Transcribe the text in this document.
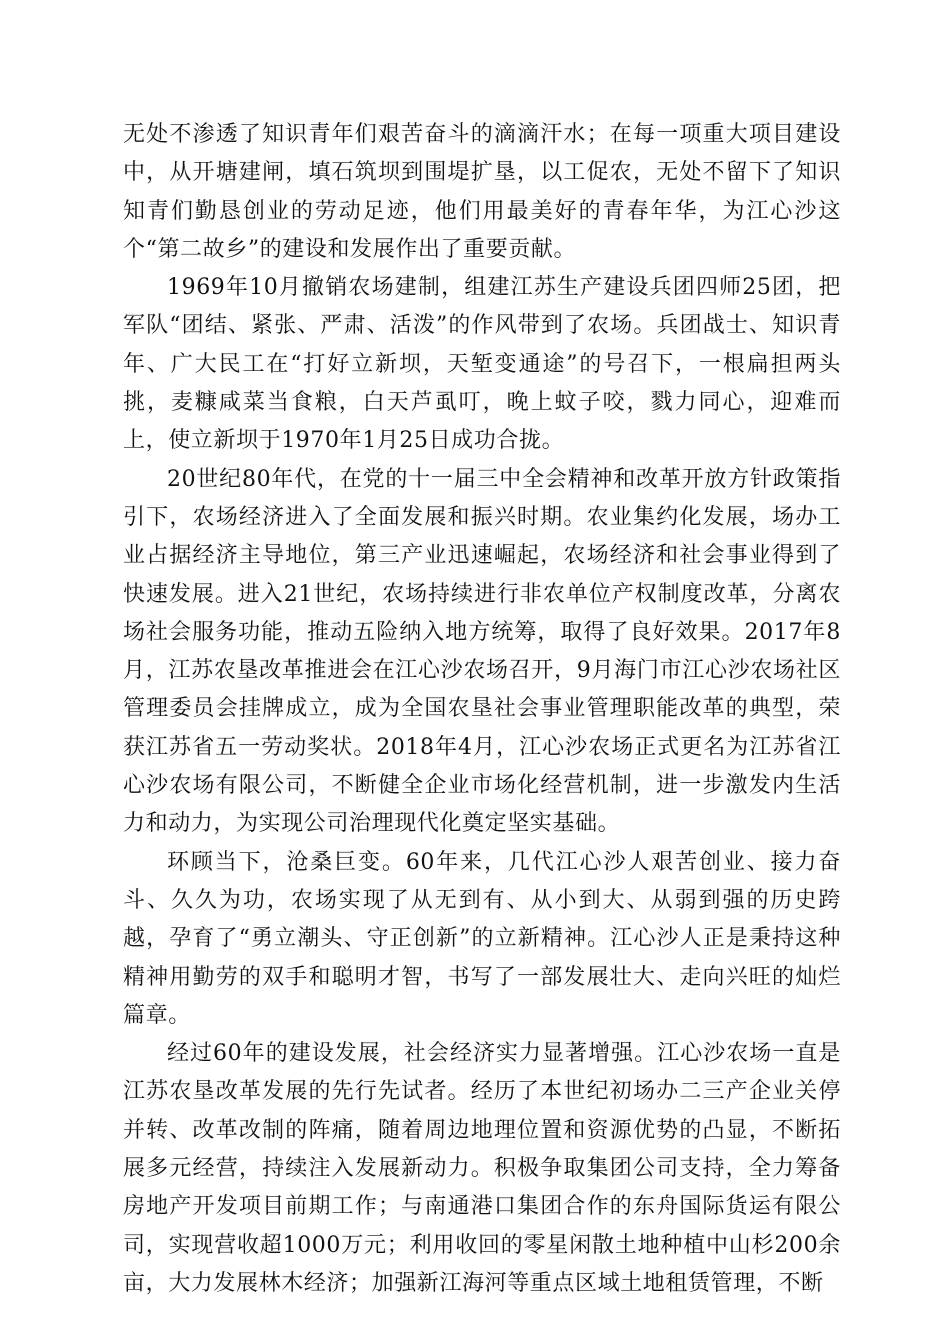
无处不渗透了知识青年们艰苦奋斗的滴滴汗水；在每一项重大项目建设中，从开塘建闸，填石筑坝到围堤扩垦，以工促农，无处不留下了知识知青们勤恳创业的劳动足迹，他们用最美好的青春年华，为江心沙这个“第二故乡”的建设和发展作出了重要贡献。

1969年10月撤销农场建制，组建江苏生产建设兵团四师25团，把军队“团结、紧张、严肃、活泼”的作风带到了农场。兵团战士、知识青年、广大民工在“打好立新坝，天堑变通途”的号召下，一根扁担两头挑，麦糠咸菜当食粮，白天芦虱叮，晚上蚊子咬，戮力同心，迎难而上，使立新坝于1970年1月25日成功合拢。

20世纪80年代，在党的十一届三中全会精神和改革开放方针政策指引下，农场经济进入了全面发展和振兴时期。农业集约化发展，场办工业占据经济主导地位，第三产业迅速崛起，农场经济和社会事业得到了快速发展。进入21世纪，农场持续进行非农单位产权制度改革，分离农场社会服务功能，推动五险纳入地方统筹，取得了良好效果。2017年8月，江苏农垦改革推进会在江心沙农场召开，9月海门市江心沙农场社区管理委员会挂牌成立，成为全国农垦社会事业管理职能改革的典型，荣获江苏省五一劳动奖状。2018年4月，江心沙农场正式更名为江苏省江心沙农场有限公司，不断健全企业市场化经营机制，进一步激发内生活力和动力，为实现公司治理现代化奠定坚实基础。

环顾当下，沧桑巨变。60年来，几代江心沙人艰苦创业、接力奋斗、久久为功，农场实现了从无到有、从小到大、从弱到强的历史跨越，孕育了“勇立潮头、守正创新”的立新精神。江心沙人正是秉持这种精神用勤劳的双手和聪明才智，书写了一部发展壮大、走向兴旺的灿烂篇章。

经过60年的建设发展，社会经济实力显著增强。江心沙农场一直是江苏农垦改革发展的先行先试者。经历了本世纪初场办二三产企业关停并转、改革改制的阵痛，随着周边地理位置和资源优势的凸显，不断拓展多元经营，持续注入发展新动力。积极争取集团公司支持，全力筹备房地产开发项目前期工作；与南通港口集团合作的东舟国际货运有限公司，实现营收超1000万元；利用收回的零星闲散土地种植中山杉200余亩，大力发展林木经济；加强新江海河等重点区域土地租赁管理，不断
